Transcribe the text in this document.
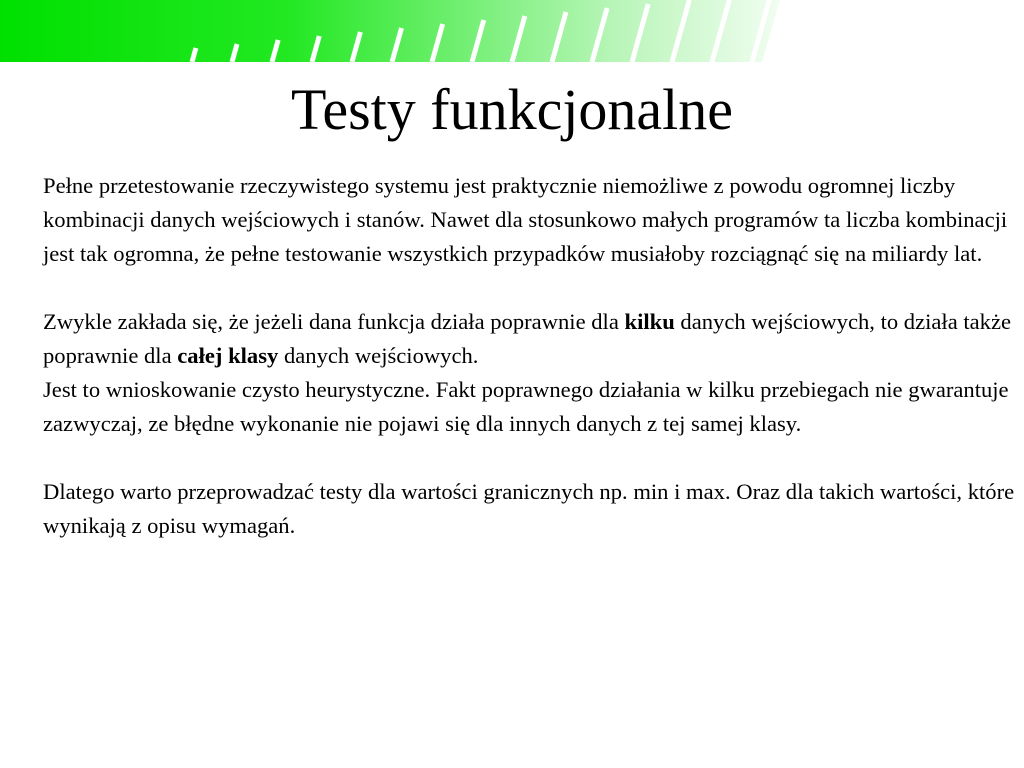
Testy funkcjonalne

Pełne przetestowanie rzeczywistego systemu jest praktycznie niemożliwe z powodu ogromnej liczby kombinacji danych wejściowych i stanów. Nawet dla stosunkowo małych programów ta liczba kombinacji jest tak ogromna, że pełne testowanie wszystkich przypadków musiałoby rozciągnąć się na miliardy lat.

Zwykle zakłada się, że jeżeli dana funkcja działa poprawnie dla kilku danych wejściowych, to działa także poprawnie dla całej klasy danych wejściowych.

Jest to wnioskowanie czysto heurystyczne. Fakt poprawnego działania w kilku przebiegach nie gwarantuje zazwyczaj, ze błędne wykonanie nie pojawi się dla innych danych z tej samej klasy.

Dlatego warto przeprowadzać testy dla wartości granicznych np. min i max. Oraz dla takich wartości, które wynikają z opisu wymagań.
